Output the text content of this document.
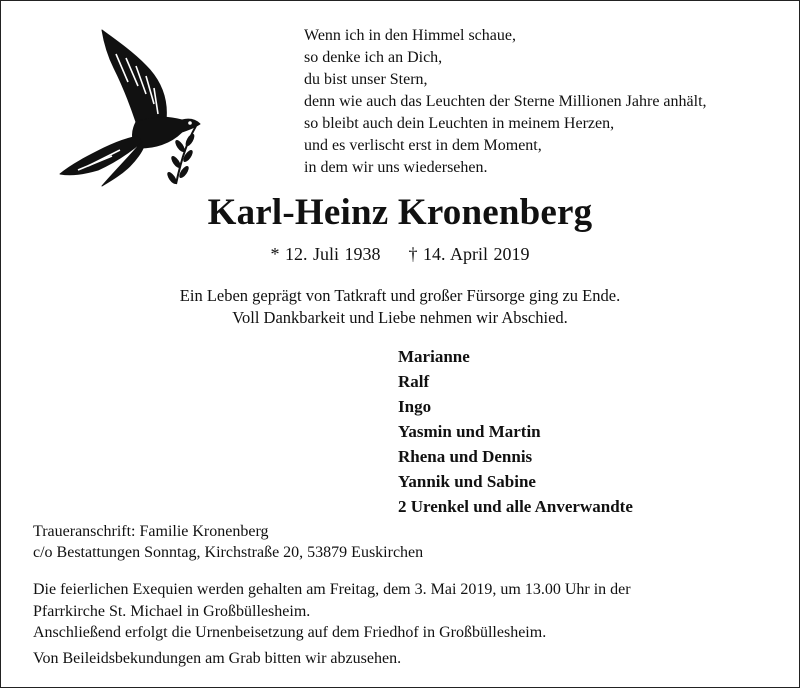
Wenn ich in den Himmel schaue,
so denke ich an Dich,
du bist unser Stern,
denn wie auch das Leuchten der Sterne Millionen Jahre anhält,
so bleibt auch dein Leuchten in meinem Herzen,
und es verlischt erst in dem Moment,
in dem wir uns wiedersehen.
Karl-Heinz Kronenberg
* 12. Juli 1938 † 14. April 2019
Ein Leben geprägt von Tatkraft und großer Fürsorge ging zu Ende.
Voll Dankbarkeit und Liebe nehmen wir Abschied.
Marianne
Ralf
Ingo
Yasmin und Martin
Rhena und Dennis
Yannik und Sabine
2 Urenkel und alle Anverwandte
Traueranschrift: Familie Kronenberg
c/o Bestattungen Sonntag, Kirchstraße 20, 53879 Euskirchen
Die feierlichen Exequien werden gehalten am Freitag, dem 3. Mai 2019, um 13.00 Uhr in der
Pfarrkirche St. Michael in Großbüllesheim.
Anschließend erfolgt die Urnenbeisetzung auf dem Friedhof in Großbüllesheim.
Von Beileidsbekundungen am Grab bitten wir abzusehen.
